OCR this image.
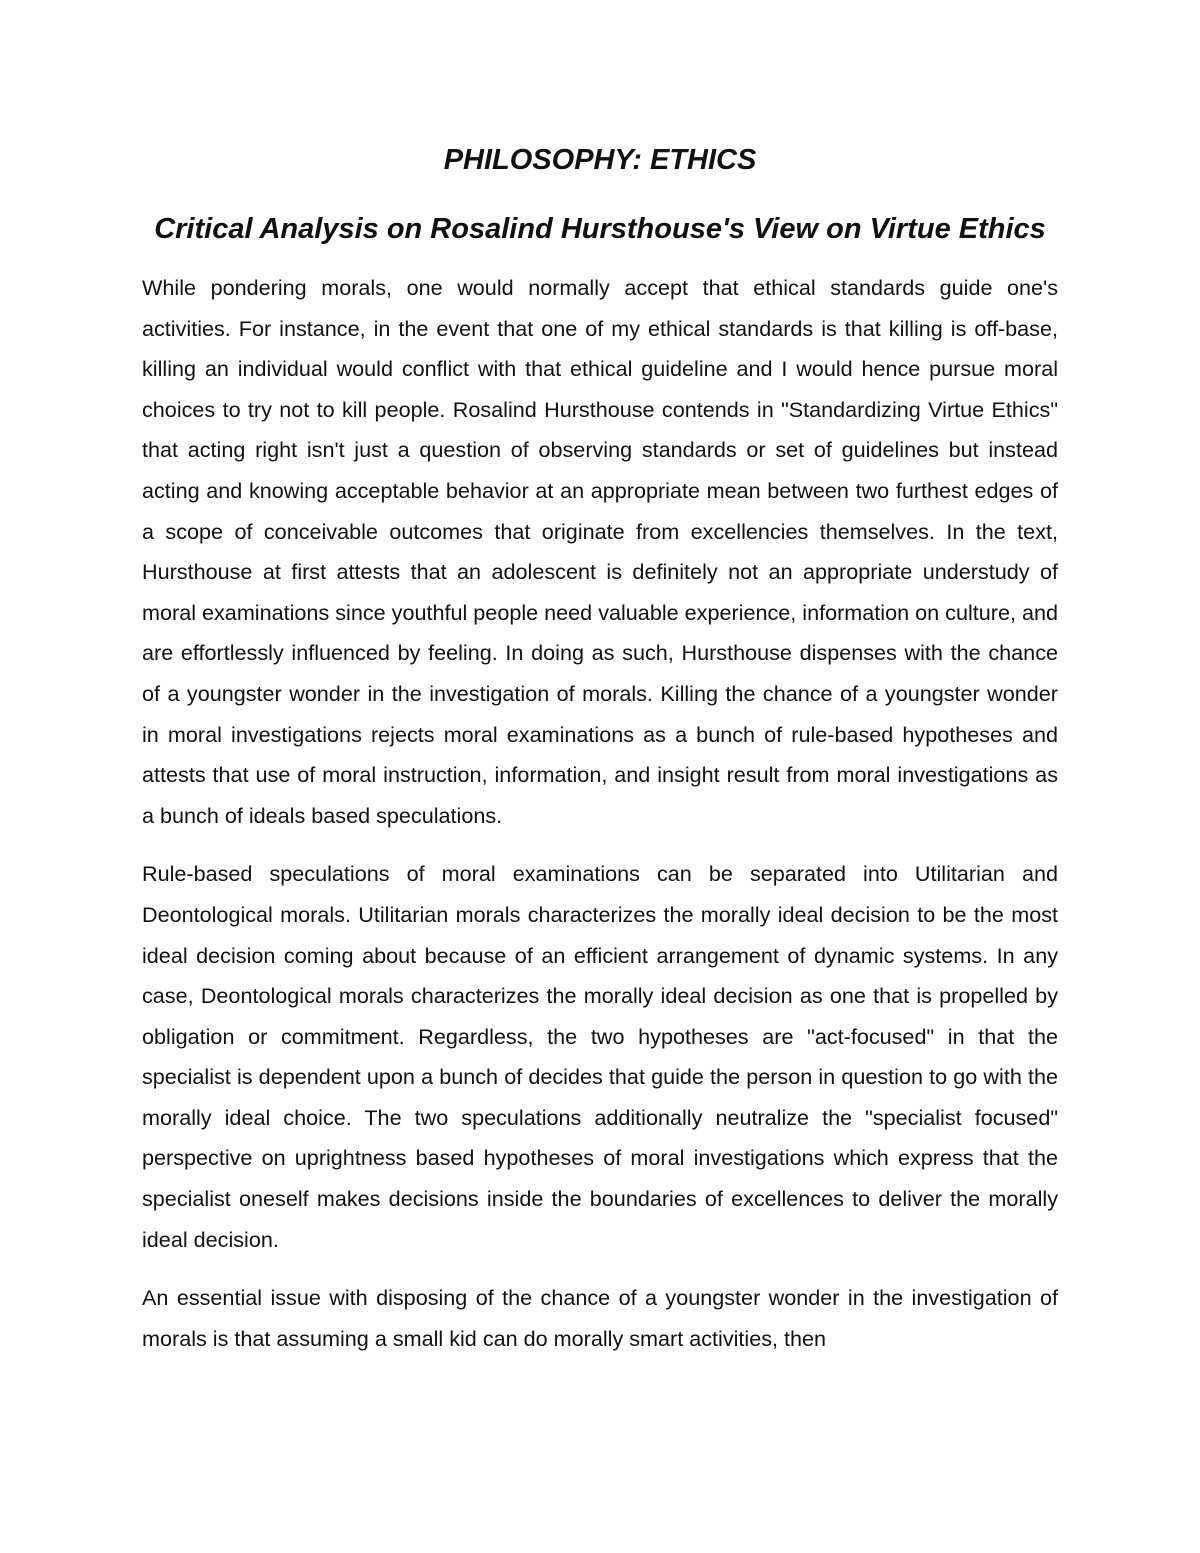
PHILOSOPHY: ETHICS
Critical Analysis on Rosalind Hursthouse's View on Virtue Ethics

While pondering morals, one would normally accept that ethical standards guide one's activities. For instance, in the event that one of my ethical standards is that killing is off-base, killing an individual would conflict with that ethical guideline and I would hence pursue moral choices to try not to kill people. Rosalind Hursthouse contends in "Standardizing Virtue Ethics" that acting right isn't just a question of observing standards or set of guidelines but instead acting and knowing acceptable behavior at an appropriate mean between two furthest edges of a scope of conceivable outcomes that originate from excellencies themselves. In the text, Hursthouse at first attests that an adolescent is definitely not an appropriate understudy of moral examinations since youthful people need valuable experience, information on culture, and are effortlessly influenced by feeling. In doing as such, Hursthouse dispenses with the chance of a youngster wonder in the investigation of morals. Killing the chance of a youngster wonder in moral investigations rejects moral examinations as a bunch of rule-based hypotheses and attests that use of moral instruction, information, and insight result from moral investigations as a bunch of ideals based speculations.

Rule-based speculations of moral examinations can be separated into Utilitarian and Deontological morals. Utilitarian morals characterizes the morally ideal decision to be the most ideal decision coming about because of an efficient arrangement of dynamic systems. In any case, Deontological morals characterizes the morally ideal decision as one that is propelled by obligation or commitment. Regardless, the two hypotheses are "act-focused" in that the specialist is dependent upon a bunch of decides that guide the person in question to go with the morally ideal choice. The two speculations additionally neutralize the "specialist focused" perspective on uprightness based hypotheses of moral investigations which express that the specialist oneself makes decisions inside the boundaries of excellences to deliver the morally ideal decision.

An essential issue with disposing of the chance of a youngster wonder in the investigation of morals is that assuming a small kid can do morally smart activities, then
